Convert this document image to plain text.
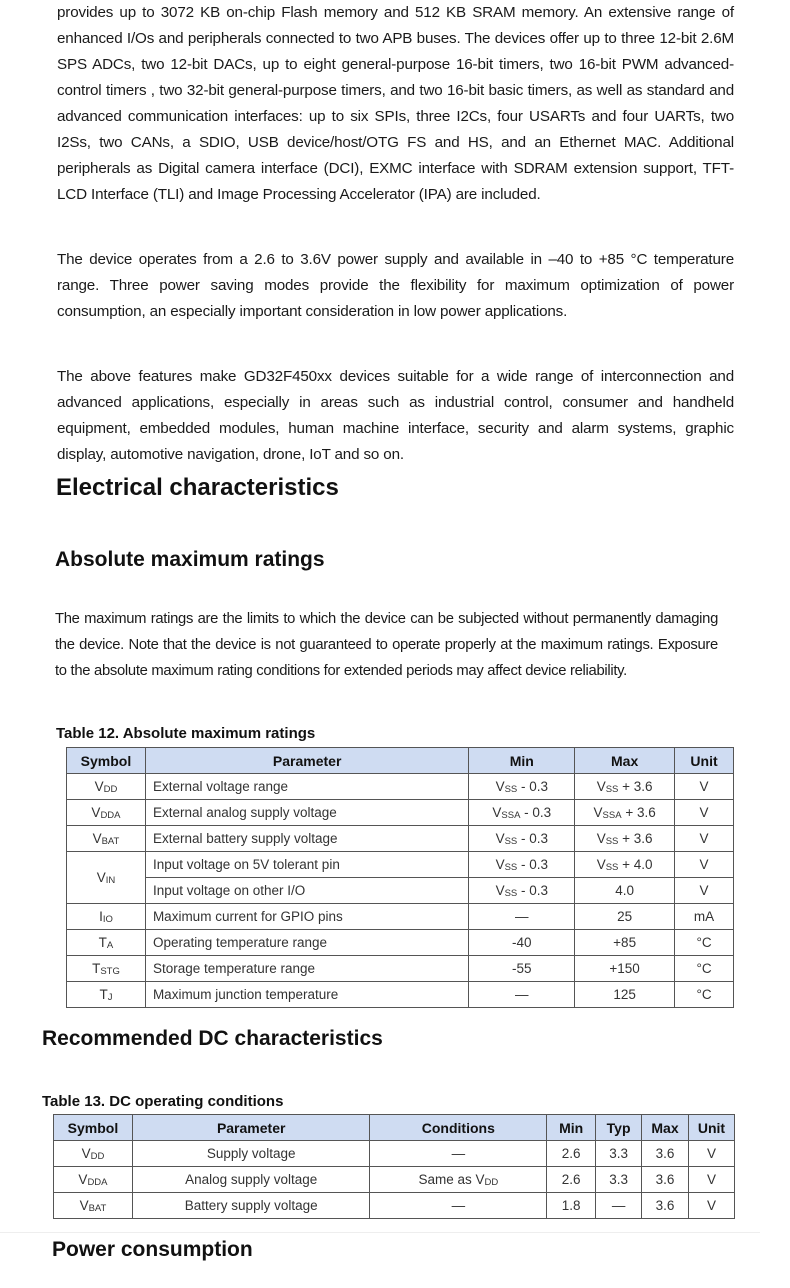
provides up to 3072 KB on-chip Flash memory and 512 KB SRAM memory. An extensive range of enhanced I/Os and peripherals connected to two APB buses. The devices offer up to three 12-bit 2.6M SPS ADCs, two 12-bit DACs, up to eight general-purpose 16-bit timers, two 16-bit PWM advanced-control timers , two 32-bit general-purpose timers, and two 16-bit basic timers, as well as standard and advanced communication interfaces: up to six SPIs, three I2Cs, four USARTs and four UARTs, two I2Ss, two CANs, a SDIO, USB device/host/OTG FS and HS, and an Ethernet MAC. Additional peripherals as Digital camera interface (DCI), EXMC interface with SDRAM extension support, TFT-LCD Interface (TLI) and Image Processing Accelerator (IPA) are included.
The device operates from a 2.6 to 3.6V power supply and available in –40 to +85 °C temperature range. Three power saving modes provide the flexibility for maximum optimization of power consumption, an especially important consideration in low power applications.
The above features make GD32F450xx devices suitable for a wide range of interconnection and advanced applications, especially in areas such as industrial control, consumer and handheld equipment, embedded modules, human machine interface, security and alarm systems, graphic display, automotive navigation, drone, IoT and so on.
Electrical characteristics
Absolute maximum ratings
The maximum ratings are the limits to which the device can be subjected without permanently damaging the device. Note that the device is not guaranteed to operate properly at the maximum ratings. Exposure to the absolute maximum rating conditions for extended periods may affect device reliability.
Table 12. Absolute maximum ratings
Symbol	Parameter	Min	Max	Unit
VDD	External voltage range	VSS - 0.3	VSS + 3.6	V
VDDA	External analog supply voltage	VSSA - 0.3	VSSA + 3.6	V
VBAT	External battery supply voltage	VSS - 0.3	VSS + 3.6	V
VIN	Input voltage on 5V tolerant pin	VSS - 0.3	VSS + 4.0	V
	Input voltage on other I/O	VSS - 0.3	4.0	V
IIO	Maximum current for GPIO pins	—	25	mA
TA	Operating temperature range	-40	+85	°C
TSTG	Storage temperature range	-55	+150	°C
TJ	Maximum junction temperature	—	125	°C
Recommended DC characteristics
Table 13. DC operating conditions
Symbol	Parameter	Conditions	Min	Typ	Max	Unit
VDD	Supply voltage	—	2.6	3.3	3.6	V
VDDA	Analog supply voltage	Same as VDD	2.6	3.3	3.6	V
VBAT	Battery supply voltage	—	1.8	—	3.6	V
Power consumption
